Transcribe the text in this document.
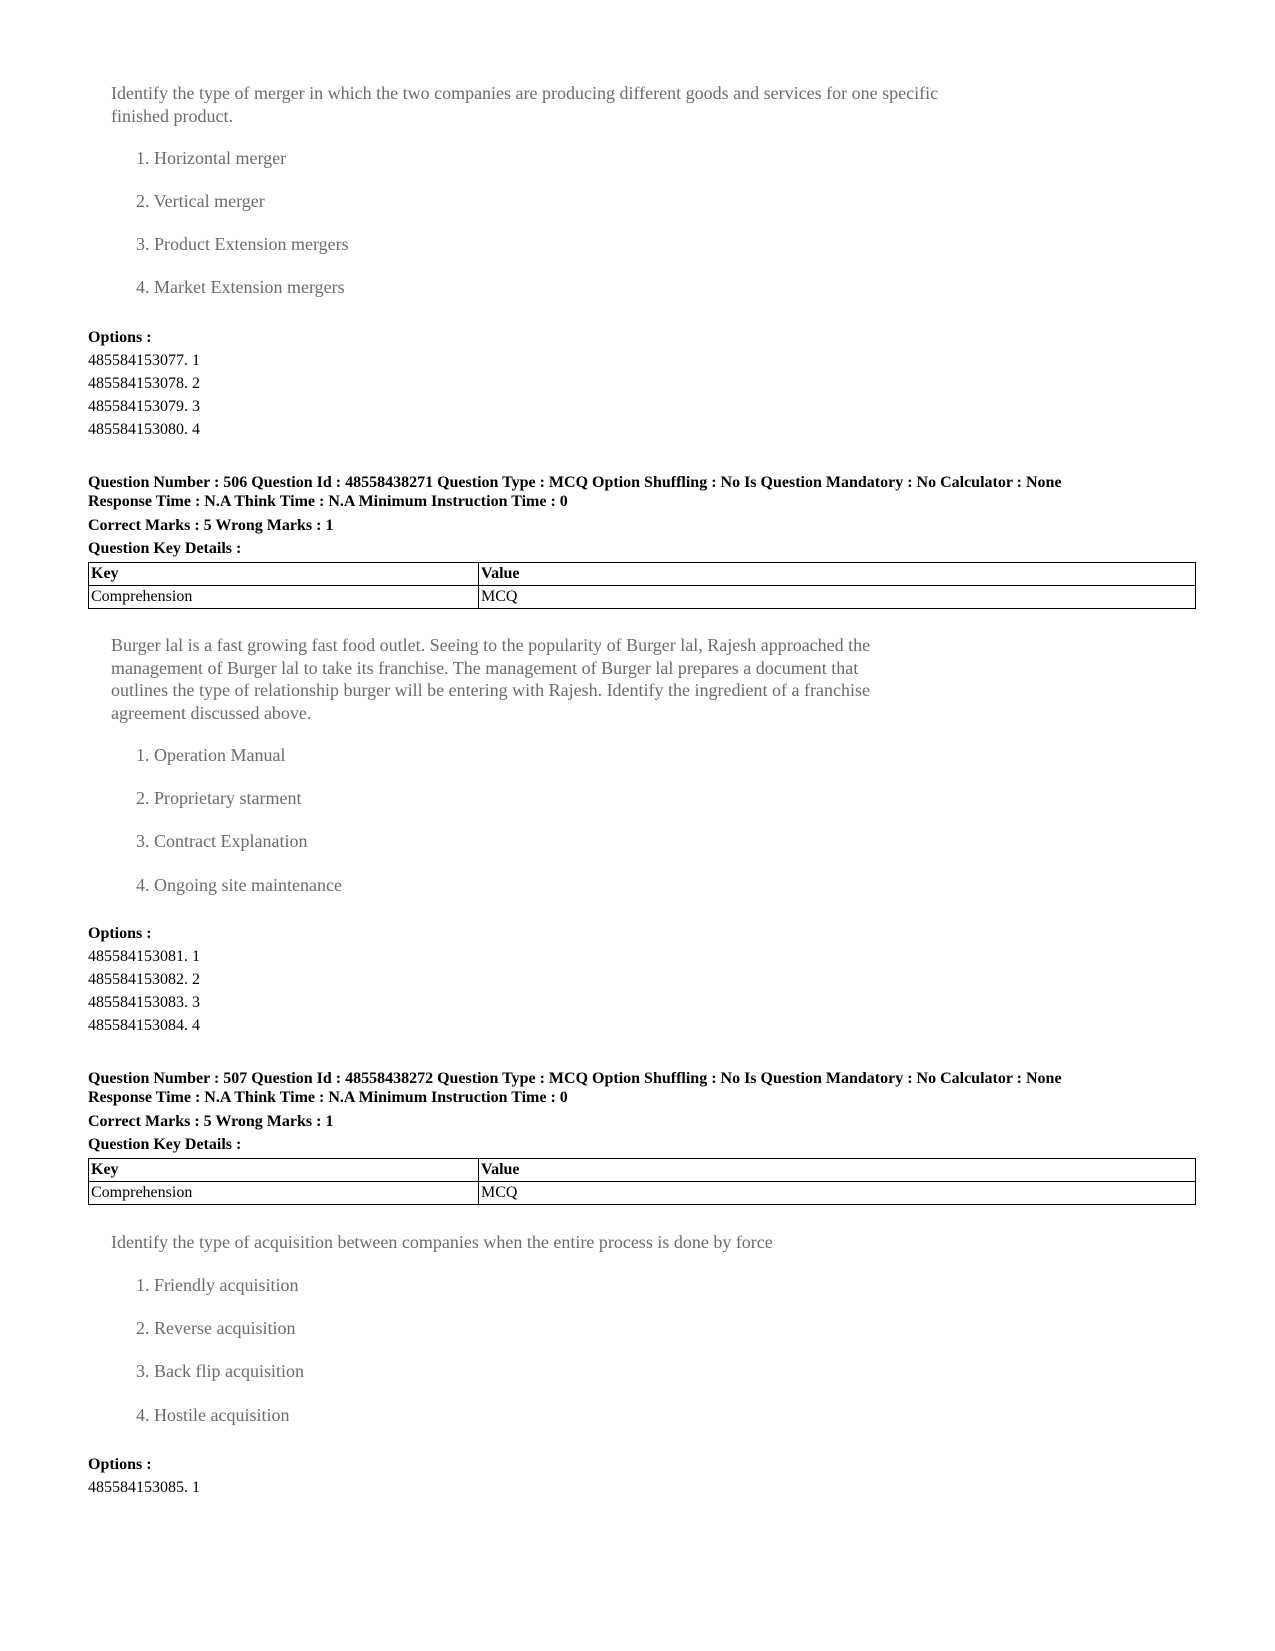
Identify the type of merger in which the two companies are producing different goods and services for one specific finished product.
1. Horizontal merger
2. Vertical merger
3. Product Extension mergers
4. Market Extension mergers
Options :
485584153077. 1
485584153078. 2
485584153079. 3
485584153080. 4
Question Number : 506 Question Id : 48558438271 Question Type : MCQ Option Shuffling : No Is Question Mandatory : No Calculator : None
Response Time : N.A Think Time : N.A Minimum Instruction Time : 0
Correct Marks : 5 Wrong Marks : 1
Question Key Details :
Key	Value
Comprehension	MCQ
Burger lal is a fast growing fast food outlet. Seeing to the popularity of Burger lal, Rajesh approached the management of Burger lal to take its franchise. The management of Burger lal prepares a document that outlines the type of relationship burger will be entering with Rajesh. Identify the ingredient of a franchise agreement discussed above.
1. Operation Manual
2. Proprietary starment
3. Contract Explanation
4. Ongoing site maintenance
Options :
485584153081. 1
485584153082. 2
485584153083. 3
485584153084. 4
Question Number : 507 Question Id : 48558438272 Question Type : MCQ Option Shuffling : No Is Question Mandatory : No Calculator : None
Response Time : N.A Think Time : N.A Minimum Instruction Time : 0
Correct Marks : 5 Wrong Marks : 1
Question Key Details :
Key	Value
Comprehension	MCQ
Identify the type of acquisition between companies when the entire process is done by force
1. Friendly acquisition
2. Reverse acquisition
3. Back flip acquisition
4. Hostile acquisition
Options :
485584153085. 1
